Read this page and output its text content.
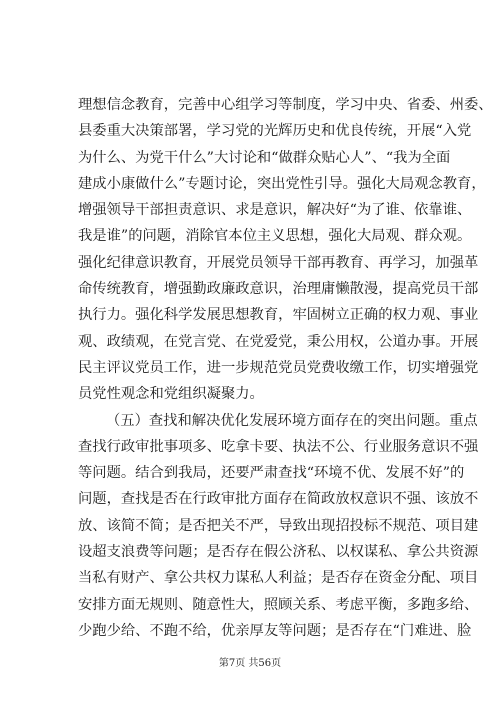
理想信念教育，完善中心组学习等制度，学习中央、省委、州委、
县委重大决策部署，学习党的光辉历史和优良传统，开展“入党
为什么、为党干什么”大讨论和“做群众贴心人”、“我为全面
建成小康做什么”专题讨论，突出党性引导。强化大局观念教育，
增强领导干部担责意识、求是意识，解决好“为了谁、依靠谁、
我是谁”的问题，消除官本位主义思想，强化大局观、群众观。
强化纪律意识教育，开展党员领导干部再教育、再学习，加强革
命传统教育，增强勤政廉政意识，治理庸懒散漫，提高党员干部
执行力。强化科学发展思想教育，牢固树立正确的权力观、事业
观、政绩观，在党言党、在党爱党，秉公用权，公道办事。开展
民主评议党员工作，进一步规范党员党费收缴工作，切实增强党
员党性观念和党组织凝聚力。
（五）查找和解决优化发展环境方面存在的突出问题。重点
查找行政审批事项多、吃拿卡要、执法不公、行业服务意识不强
等问题。结合到我局，还要严肃查找“环境不优、发展不好”的
问题，查找是否在行政审批方面存在简政放权意识不强、该放不
放、该简不简；是否把关不严，导致出现招投标不规范、项目建
设超支浪费等问题；是否存在假公济私、以权谋私、拿公共资源
当私有财产、拿公共权力谋私人利益；是否存在资金分配、项目
安排方面无规则、随意性大，照顾关系、考虑平衡，多跑多给、
少跑少给、不跑不给，优亲厚友等问题；是否存在“门难进、脸
第7页 共56页
